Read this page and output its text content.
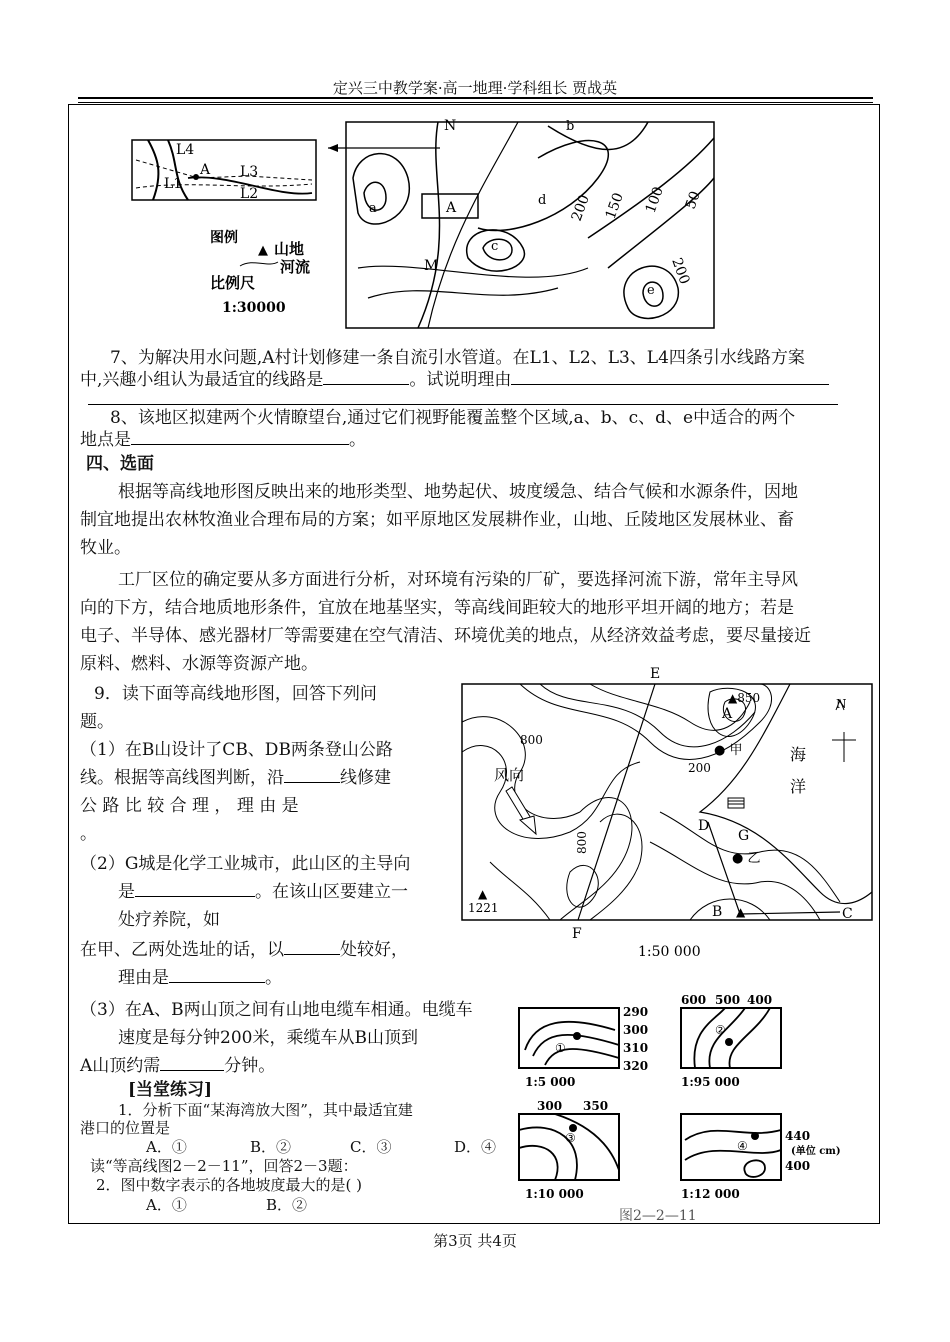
定兴三中教学案·高一地理·学科组长 贾战英
L4
L1
A L3
L2
图例
▲ 山地
河流
比例尺
1:30000
N
A
M
b
a
c
d
e
200 150 100 50
200
7、为解决用水问题,A村计划修建一条自流引水管道。在L1、L2、L3、L4四条引水线路方案
中,兴趣小组认为最适宜的线路是	。试说明理由
8、该地区拟建两个火情瞭望台,通过它们视野能覆盖整个区域,a、b、c、d、e中适合的两个
地点是	。
四、选面
根据等高线地形图反映出来的地形类型、地势起伏、坡度缓急、结合气候和水源条件，因地
制宜地提出农林牧渔业合理布局的方案；如平原地区发展耕作业，山地、丘陵地区发展林业、畜
牧业。
工厂区位的确定要从多方面进行分析，对环境有污染的厂矿，要选择河流下游，常年主导风
向的下方，结合地质地形条件，宜放在地基坚实，等高线间距较大的地形平坦开阔的地方；若是
电子、半导体、感光器材厂等需要建在空气清洁、环境优美的地点，从经济效益考虑，要尽量接近
原料、燃料、水源等资源产地。
9．读下面等高线地形图，回答下列问
题。
（1）在B山设计了CB、DB两条登山公路
线。根据等高线图判断，沿	线修建
公 路 比 较 合 理 ， 理 由 是
。
（2）G城是化学工业城市，此山区的主导向
是	。在该山区要建立一
处疗养院，如
在甲、乙两处选址的话，以	处较好，
理由是	。
（3）在A、B两山顶之间有山地电缆车相通。电缆车
速度是每分钟200米，乘缆车从B山顶到
A山顶约需	分钟。
E
F
A
▲850
● 甲
800
200
800
风向
G
D
● 乙
B	C
海
洋
N
▲
▲
1221
1:50 000
[当堂练习]
1．分析下面“某海湾放大图”，其中最适宜建
港口的位置是
A．①	B．②	C．③	D．④
读“等高线图2－2－11”，回答2－3题：
2．图中数字表示的各地坡度最大的是( )
A．①	B．②
①
290
300
310
320
1:5 000
②
600 500 400
1:95 000
③
300 350
1:10 000
④
440
400
(单位 cm)
1:12 000
图2—2—11
第3页 共4页
